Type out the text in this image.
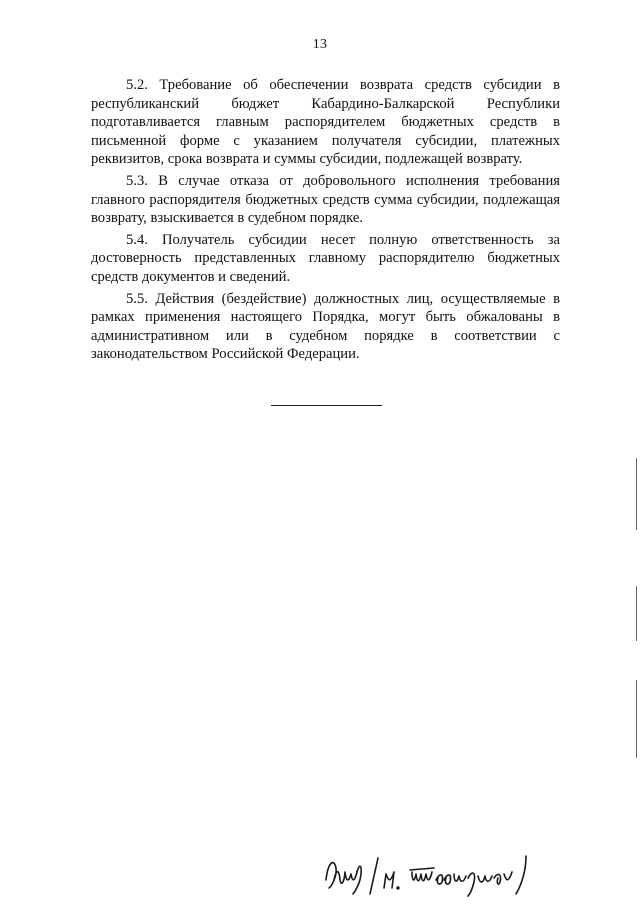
13

5.2. Требование об обеспечении возврата средств субсидии в республиканский бюджет Кабардино-Балкарской Республики подготавливается главным распорядителем бюджетных средств в письменной форме с указанием получателя субсидии, платежных реквизитов, срока возврата и суммы субсидии, подлежащей возврату.

5.3. В случае отказа от добровольного исполнения требования главного распорядителя бюджетных средств сумма субсидии, подлежащая возврату, взыскивается в судебном порядке.

5.4. Получатель субсидии несет полную ответственность за достоверность представленных главному распорядителю бюджетных средств документов и сведений.

5.5. Действия (бездействие) должностных лиц, осуществляемые в рамках применения настоящего Порядка, могут быть обжалованы в административном или в судебном порядке в соответствии с законодательством Российской Федерации.
